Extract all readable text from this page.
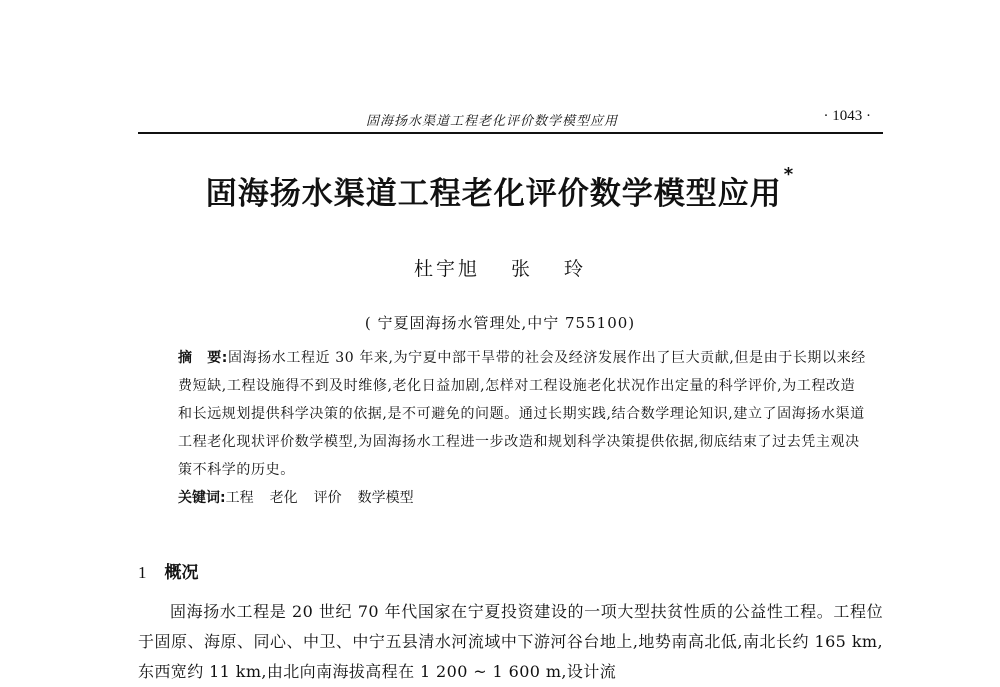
固海扬水渠道工程老化评价数学模型应用	· 1043 ·
固海扬水渠道工程老化评价数学模型应用*
杜宇旭 张 玲
( 宁夏固海扬水管理处,中宁 755100)
摘　要:固海扬水工程近 30 年来,为宁夏中部干旱带的社会及经济发展作出了巨大贡献,但是由于长期以来经费短缺,工程设施得不到及时维修,老化日益加剧,怎样对工程设施老化状况作出定量的科学评价,为工程改造和长远规划提供科学决策的依据,是不可避免的问题。通过长期实践,结合数学理论知识,建立了固海扬水渠道工程老化现状评价数学模型,为固海扬水工程进一步改造和规划科学决策提供依据,彻底结束了过去凭主观决策不科学的历史。
关键词:工程 老化 评价 数学模型
1 概况
固海扬水工程是 20 世纪 70 年代国家在宁夏投资建设的一项大型扶贫性质的公益性工程。工程位于固原、海原、同心、中卫、中宁五县清水河流域中下游河谷台地上,地势南高北低,南北长约 165 km,东西宽约 11 km,由北向南海拔高程在 1 200 ~ 1 600 m,设计流
